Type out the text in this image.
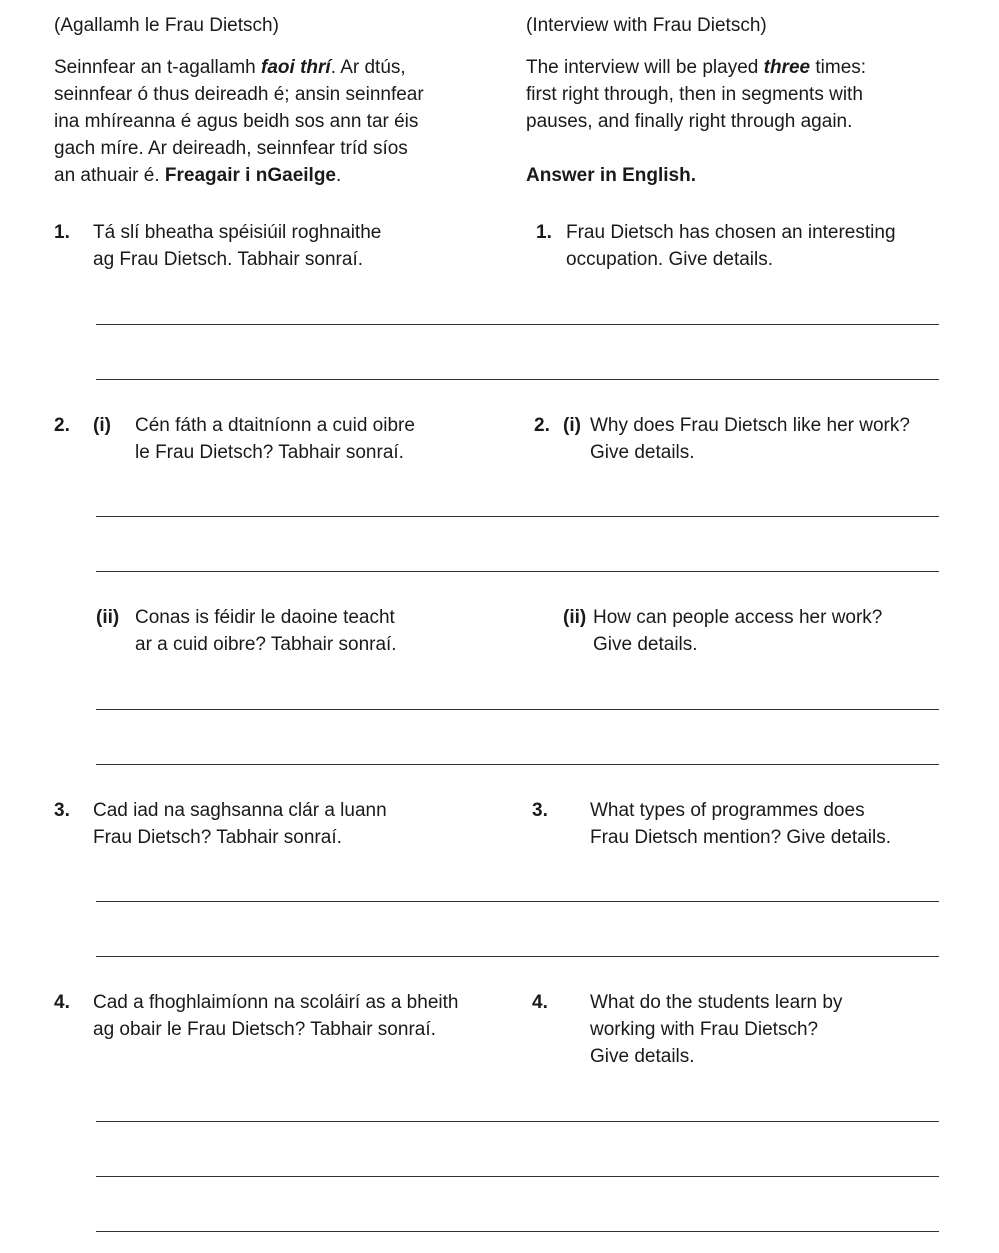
(Agallamh le Frau Dietsch)	(Interview with Frau Dietsch)
Seinnfear an t-agallamh faoi thrí. Ar dtús,
seinnfear ó thus deireadh é; ansin seinnfear
ina mhíreanna é agus beidh sos ann tar éis
gach míre. Ar deireadh, seinnfear tríd síos
an athuair é. Freagair i nGaeilge.
The interview will be played three times:
first right through, then in segments with
pauses, and finally right through again.

Answer in English.
1. Tá slí bheatha spéisiúil roghnaithe
ag Frau Dietsch. Tabhair sonraí.
1. Frau Dietsch has chosen an interesting
occupation. Give details.
2. (i) Cén fáth a dtaitníonn a cuid oibre
le Frau Dietsch? Tabhair sonraí.
2. (i) Why does Frau Dietsch like her work?
Give details.
(ii) Conas is féidir le daoine teacht
ar a cuid oibre? Tabhair sonraí.
(ii) How can people access her work?
Give details.
3. Cad iad na saghsanna clár a luann
Frau Dietsch? Tabhair sonraí.
3. What types of programmes does
Frau Dietsch mention? Give details.
4. Cad a fhoghlaimíonn na scoláirí as a bheith
ag obair le Frau Dietsch? Tabhair sonraí.
4. What do the students learn by
working with Frau Dietsch?
Give details.
